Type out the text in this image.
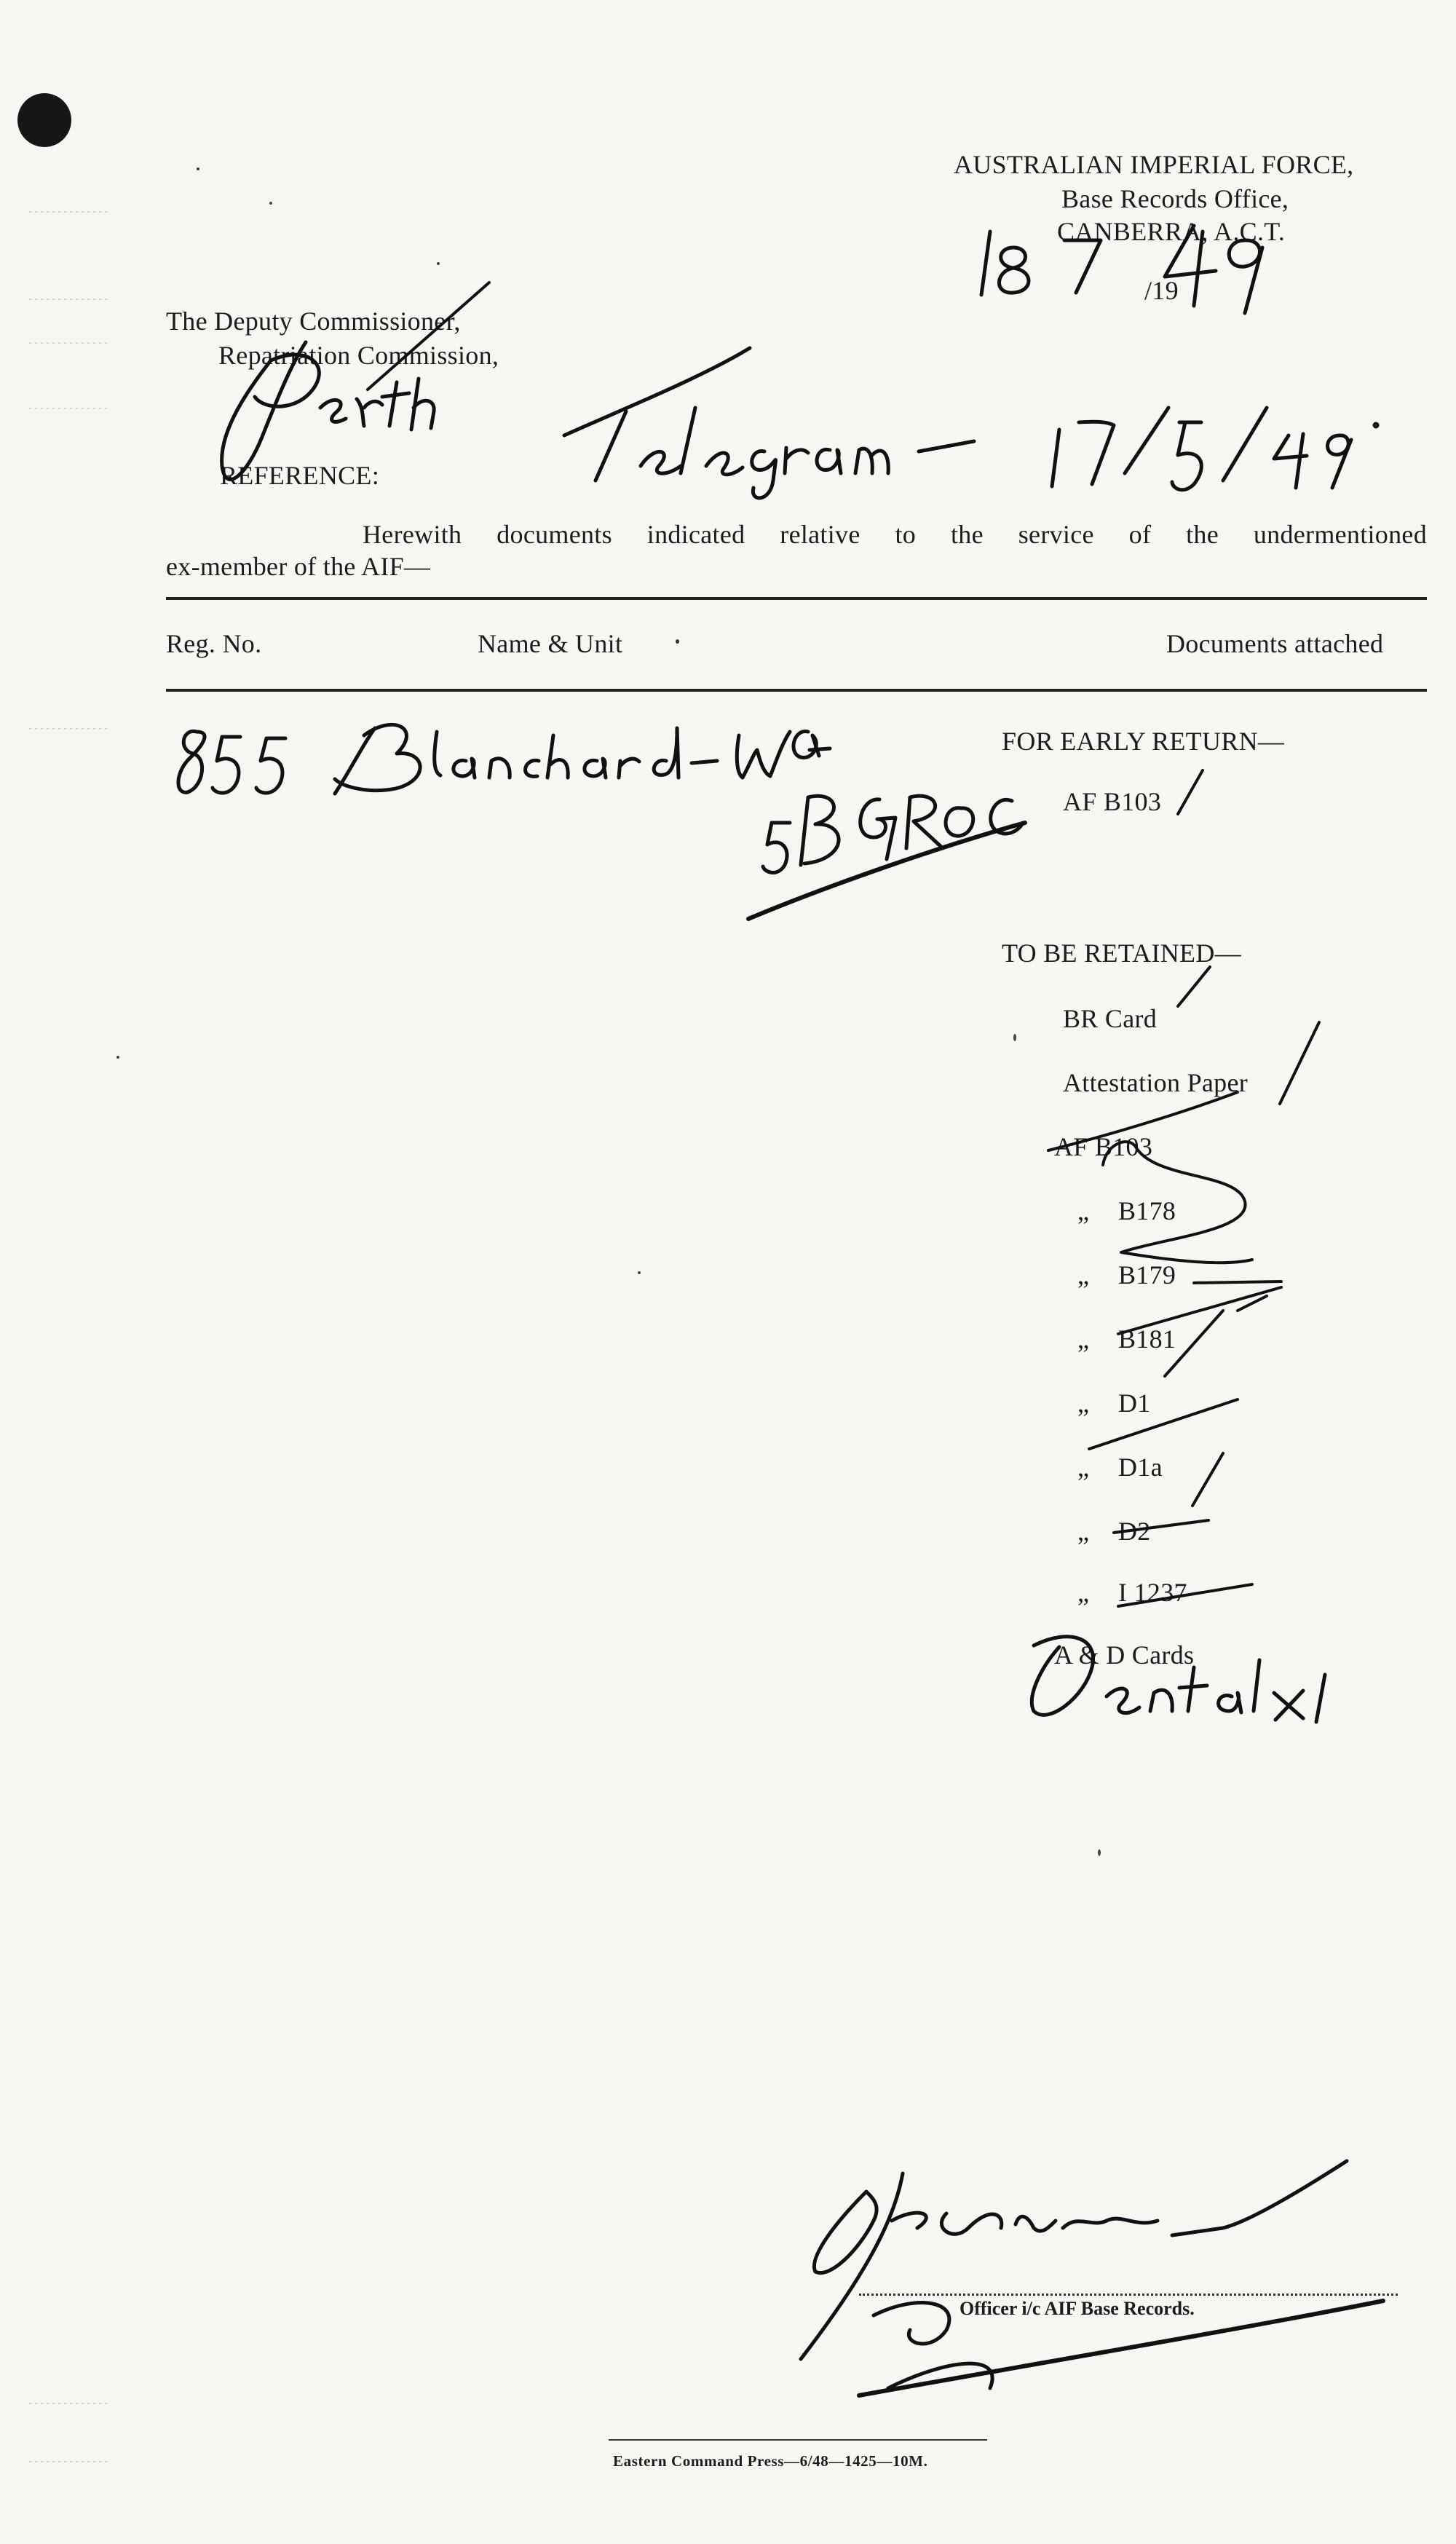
AUSTRALIAN IMPERIAL FORCE,
Base Records Office,
CANBERRA, A.C.T.
/19
The Deputy Commissioner,
Repatriation Commission,
REFERENCE:
Herewith documents indicated relative to the service of the undermentioned
ex-member of the AIF—
Reg. No.	Name & Unit	Documents attached
FOR EARLY RETURN—
AF B103
TO BE RETAINED—
BR Card
Attestation Paper
AF B103
„ B178
„ B179
„ B181
„ D1
„ D1a
„ D2
„ I 1237
A & D Cards
Officer i/c AIF Base Records.
Eastern Command Press—6/48—1425—10M.
